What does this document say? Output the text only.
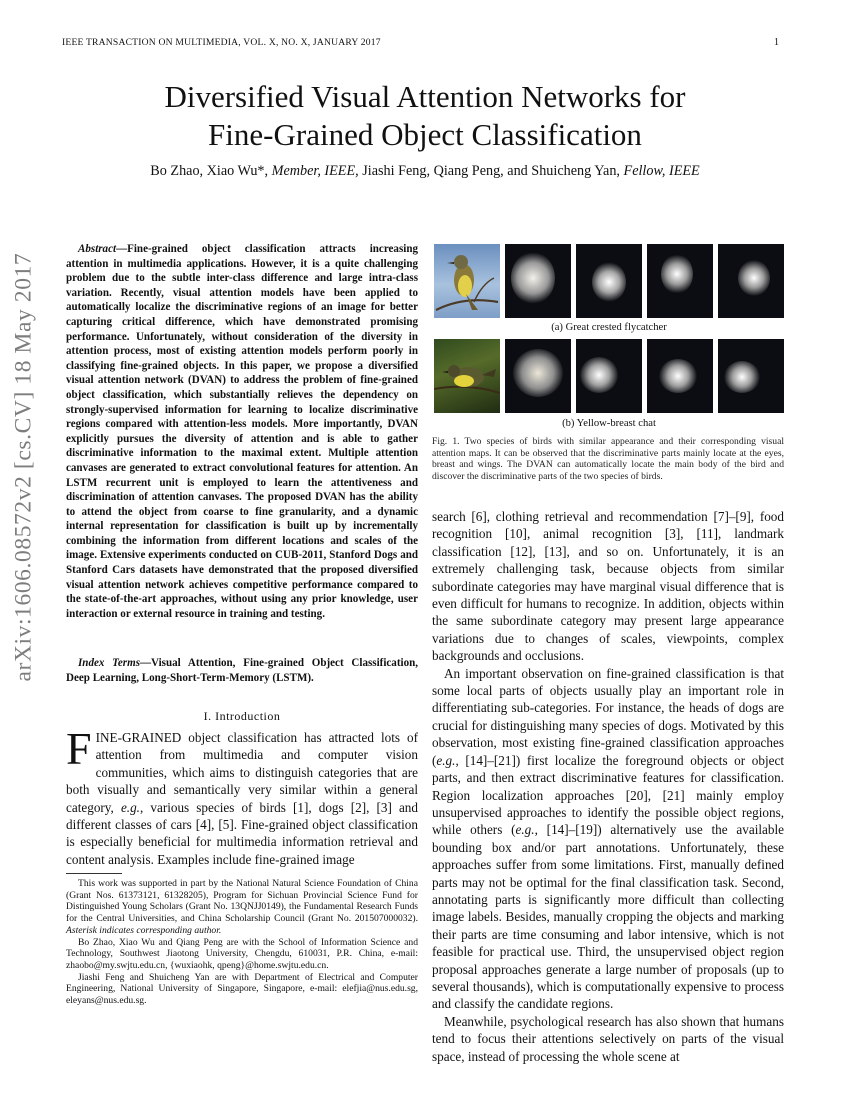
IEEE TRANSACTION ON MULTIMEDIA, VOL. X, NO. X, JANUARY 2017	1
arXiv:1606.08572v2 [cs.CV] 18 May 2017
Diversified Visual Attention Networks for
Fine-Grained Object Classification
Bo Zhao, Xiao Wu*, Member, IEEE, Jiashi Feng, Qiang Peng, and Shuicheng Yan, Fellow, IEEE

Abstract—Fine-grained object classification attracts increasing attention in multimedia applications. However, it is a quite challenging problem due to the subtle inter-class difference and large intra-class variation. Recently, visual attention models have been applied to automatically localize the discriminative regions of an image for better capturing critical difference, which have demonstrated promising performance. Unfortunately, without consideration of the diversity in attention process, most of existing attention models perform poorly in classifying fine-grained objects. In this paper, we propose a diversified visual attention network (DVAN) to address the problem of fine-grained object classification, which substantially relieves the dependency on strongly-supervised information for learning to localize discriminative regions compared with attention-less models. More importantly, DVAN explicitly pursues the diversity of attention and is able to gather discriminative information to the maximal extent. Multiple attention canvases are generated to extract convolutional features for attention. An LSTM recurrent unit is employed to learn the attentiveness and discrimination of attention canvases. The proposed DVAN has the ability to attend the object from coarse to fine granularity, and a dynamic internal representation for classification is built up by incrementally combining the information from different locations and scales of the image. Extensive experiments conducted on CUB-2011, Stanford Dogs and Stanford Cars datasets have demonstrated that the proposed diversified visual attention network achieves competitive performance compared to the state-of-the-art approaches, without using any prior knowledge, user interaction or external resource in training and testing.

Index Terms—Visual Attention, Fine-grained Object Classification, Deep Learning, Long-Short-Term-Memory (LSTM).
I. Introduction
FINE-GRAINED object classification has attracted lots of attention from multimedia and computer vision communities, which aims to distinguish categories that are both visually and semantically very similar within a general category, e.g., various species of birds [1], dogs [2], [3] and different classes of cars [4], [5]. Fine-grained object classification is especially beneficial for multimedia information retrieval and content analysis. Examples include fine-grained image

This work was supported in part by the National Natural Science Foundation of China (Grant Nos. 61373121, 61328205), Program for Sichuan Provincial Science Fund for Distinguished Young Scholars (Grant No. 13QNJJ0149), the Fundamental Research Funds for the Central Universities, and China Scholarship Council (Grant No. 201507000032). Asterisk indicates corresponding author.

Bo Zhao, Xiao Wu and Qiang Peng are with the School of Information Science and Technology, Southwest Jiaotong University, Chengdu, 610031, P.R. China, e-mail: zhaobo@my.swjtu.edu.cn, {wuxiaohk, qpeng}@home.swjtu.edu.cn.

Jiashi Feng and Shuicheng Yan are with Department of Electrical and Computer Engineering, National University of Singapore, Singapore, e-mail: elefjia@nus.edu.sg, eleyans@nus.edu.sg.

(a) Great crested flycatcher
(b) Yellow-breast chat
Fig. 1. Two species of birds with similar appearance and their corresponding visual attention maps. It can be observed that the discriminative parts mainly locate at the eyes, breast and wings. The DVAN can automatically locate the main body of the bird and discover the discriminative parts of the two species of birds.

search [6], clothing retrieval and recommendation [7]–[9], food recognition [10], animal recognition [3], [11], landmark classification [12], [13], and so on. Unfortunately, it is an extremely challenging task, because objects from similar subordinate categories may have marginal visual difference that is even difficult for humans to recognize. In addition, objects within the same subordinate category may present large appearance variations due to changes of scales, viewpoints, complex backgrounds and occlusions.

An important observation on fine-grained classification is that some local parts of objects usually play an important role in differentiating sub-categories. For instance, the heads of dogs are crucial for distinguishing many species of dogs. Motivated by this observation, most existing fine-grained classification approaches (e.g., [14]–[21]) first localize the foreground objects or object parts, and then extract discriminative features for classification. Region localization approaches [20], [21] mainly employ unsupervised approaches to identify the possible object regions, while others (e.g., [14]–[19]) alternatively use the available bounding box and/or part annotations. Unfortunately, these approaches suffer from some limitations. First, manually defined parts may not be optimal for the final classification task. Second, annotating parts is significantly more difficult than collecting image labels. Besides, manually cropping the objects and marking their parts are time consuming and labor intensive, which is not feasible for practical use. Third, the unsupervised object region proposal approaches generate a large number of proposals (up to several thousands), which is computationally expensive to process and classify the candidate regions.

Meanwhile, psychological research has also shown that humans tend to focus their attentions selectively on parts of the visual space, instead of processing the whole scene at
